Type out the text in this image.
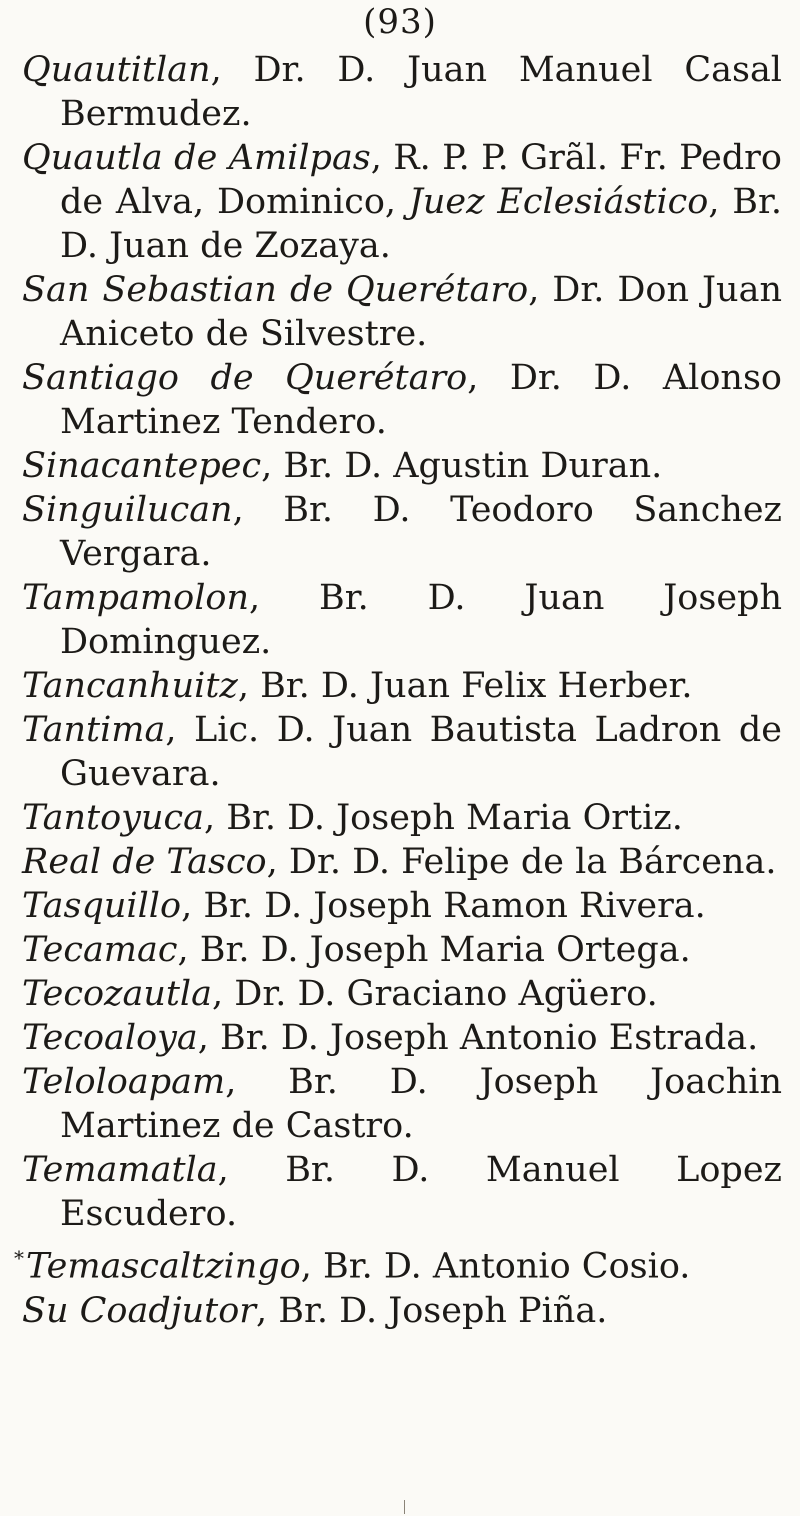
(93)

Quautitlan, Dr. D. Juan Manuel Casal Bermudez.

Quautla de Amilpas, R. P. P. Grãl. Fr. Pedro de Alva, Dominico, Juez Eclesiástico, Br. D. Juan de Zozaya.

San Sebastian de Querétaro, Dr. Don Juan Aniceto de Silvestre.

Santiago de Querétaro, Dr. D. Alonso Martinez Tendero.

Sinacantepec, Br. D. Agustin Duran.

Singuilucan, Br. D. Teodoro Sanchez Vergara.

Tampamolon, Br. D. Juan Joseph Dominguez.

Tancanhuitz, Br. D. Juan Felix Herber.

Tantima, Lic. D. Juan Bautista Ladron de Guevara.

Tantoyuca, Br. D. Joseph Maria Ortiz.

Real de Tasco, Dr. D. Felipe de la Bárcena.

Tasquillo, Br. D. Joseph Ramon Rivera.

Tecamac, Br. D. Joseph Maria Ortega.

Tecozautla, Dr. D. Graciano Agüero.

Tecoaloya, Br. D. Joseph Antonio Estrada.

Teloloapam, Br. D. Joseph Joachin Martinez de Castro.

Temamatla, Br. D. Manuel Lopez Escudero.

*Temascaltzingo, Br. D. Antonio Cosio.

Su Coadjutor, Br. D. Joseph Piña.
